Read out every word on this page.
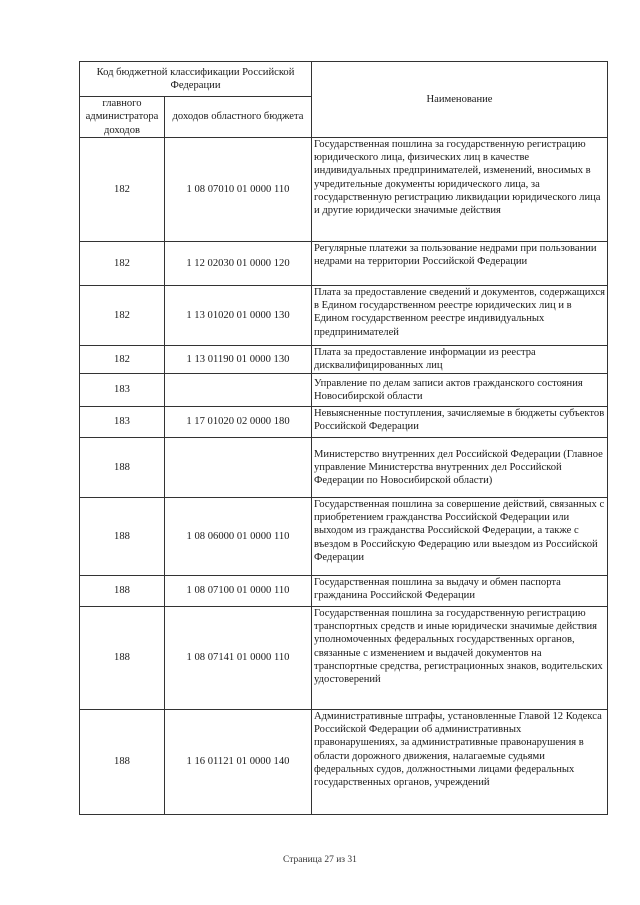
Код бюджетной классификации Российской Федерации		Наименование
главного администратора доходов	доходов областного бюджета	
182	1 08 07010 01 0000 110	Государственная пошлина за государственную регистрацию юридического лица, физических лиц в качестве индивидуальных предпринимателей, изменений, вносимых в учредительные документы юридического лица, за государственную регистрацию ликвидации юридического лица и другие юридически значимые действия
182	1 12 02030 01 0000 120	Регулярные платежи за пользование недрами при пользовании недрами на территории Российской Федерации
182	1 13 01020 01 0000 130	Плата за предоставление сведений и документов, содержащихся в Едином государственном реестре юридических лиц и в Едином государственном реестре индивидуальных предпринимателей
182	1 13 01190 01 0000 130	Плата за предоставление информации из реестра дисквалифицированных лиц
183		Управление по делам записи актов гражданского состояния Новосибирской области
183	1 17 01020 02 0000 180	Невыясненные поступления, зачисляемые в бюджеты субъектов Российской Федерации
188		Министерство внутренних дел Российской Федерации (Главное управление Министерства внутренних дел Российской Федерации по Новосибирской области)
188	1 08 06000 01 0000 110	Государственная пошлина за совершение действий, связанных с приобретением гражданства Российской Федерации или выходом из гражданства Российской Федерации, а также с въездом в Российскую Федерацию или выездом из Российской Федерации
188	1 08 07100 01 0000 110	Государственная пошлина за выдачу и обмен паспорта гражданина Российской Федерации
188	1 08 07141 01 0000 110	Государственная пошлина за государственную регистрацию транспортных средств и иные юридически значимые действия уполномоченных федеральных государственных органов, связанные с изменением и выдачей документов на транспортные средства, регистрационных знаков, водительских удостоверений
188	1 16 01121 01 0000 140	Административные штрафы, установленные Главой 12 Кодекса Российской Федерации об административных правонарушениях, за административные правонарушения в области дорожного движения, налагаемые судьями федеральных судов, должностными лицами федеральных государственных органов, учреждений
Страница 27 из 31
